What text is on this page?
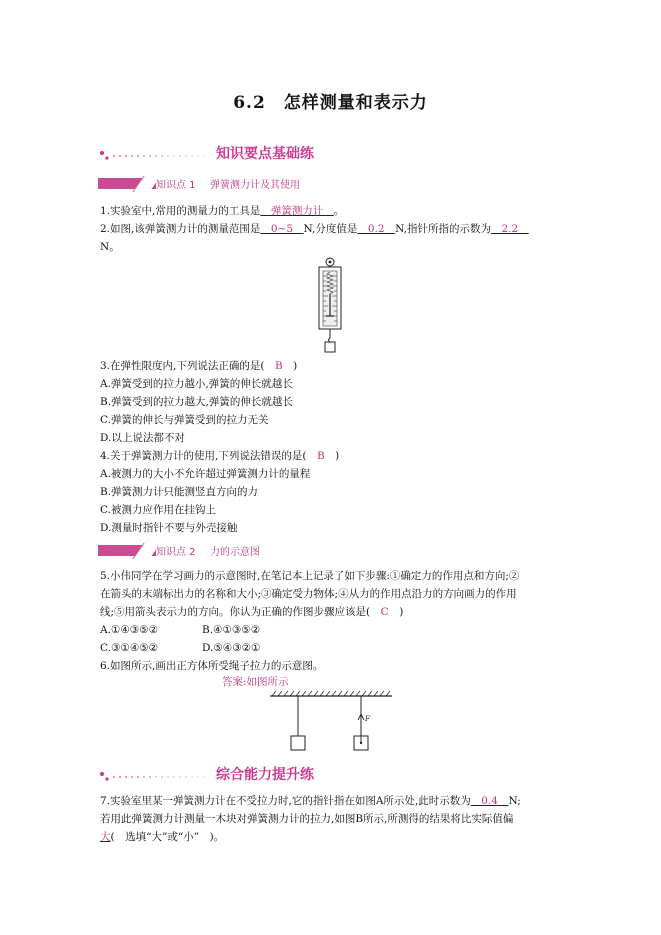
6.2　怎样测量和表示力
知识要点基础练
知识点 1 弹簧测力计及其使用
1.实验室中,常用的测量力的工具是　弹簧测力计　。
2.如图,该弹簧测力计的测量范围是　0~5　N,分度值是　0.2　N,指针所指的示数为　2.2　
N。
3.在弹性限度内,下列说法正确的是(　B　)
A.弹簧受到的拉力越小,弹簧的伸长就越长
B.弹簧受到的拉力越大,弹簧的伸长就越长
C.弹簧的伸长与弹簧受到的拉力无关
D.以上说法都不对
4.关于弹簧测力计的使用,下列说法错误的是(　B　)
A.被测力的大小不允许超过弹簧测力计的量程
B.弹簧测力计只能测竖直方向的力
C.被测力应作用在挂钩上
D.测量时指针不要与外壳接触
知识点 2 力的示意图
5.小伟同学在学习画力的示意图时,在笔记本上记录了如下步骤:①确定力的作用点和方向;②
在箭头的末端标出力的名称和大小;③确定受力物体;④从力的作用点沿力的方向画力的作用
线;⑤用箭头表示力的方向。你认为正确的作图步骤应该是(　C　)
A.①④③⑤②	B.④①③⑤②
C.③①④⑤②	D.⑤④③②①
6.如图所示,画出正方体所受绳子拉力的示意图。
答案:如图所示
F
综合能力提升练
7.实验室里某一弹簧测力计在不受拉力时,它的指针指在如图A所示处,此时示数为　0.4　N;
若用此弹簧测力计测量一木块对弹簧测力计的拉力,如图B所示,所测得的结果将比实际值偏
大(　选填“大”或“小”　)。
